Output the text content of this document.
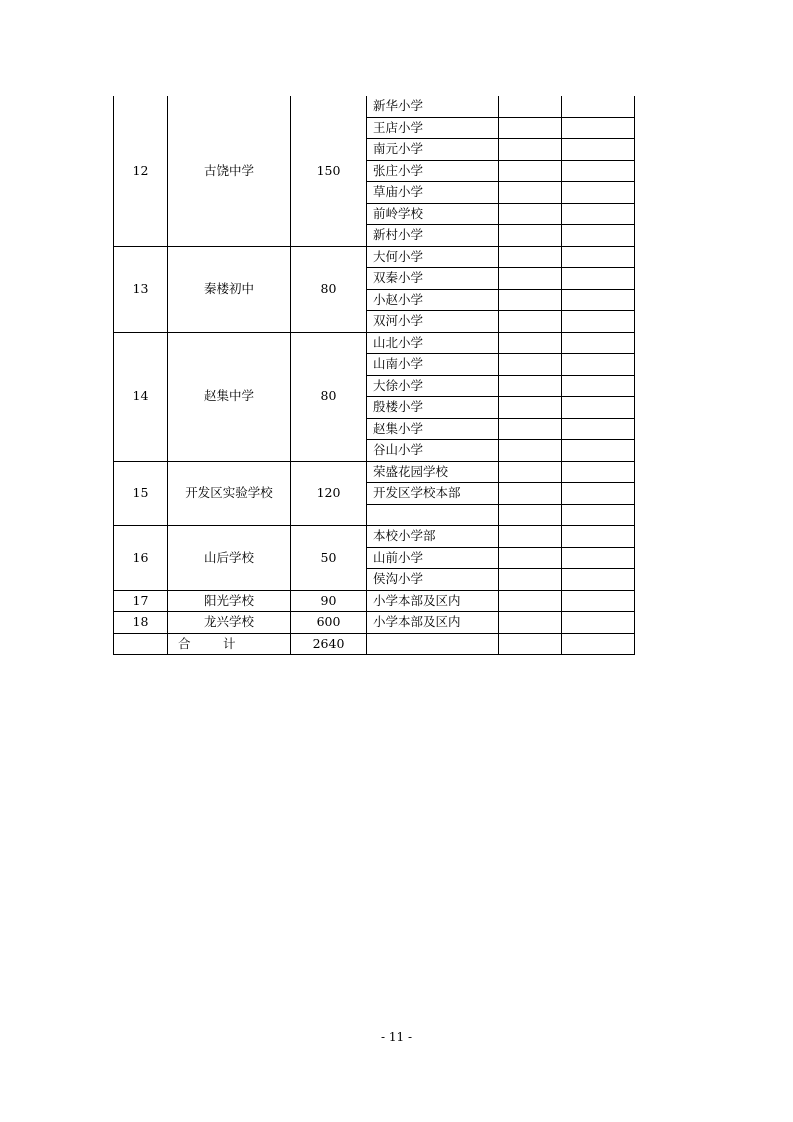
12	古饶中学	150	新华小学		
			王店小学		
			南元小学		
			张庄小学		
			草庙小学		
			前岭学校		
			新村小学		
13	秦楼初中	80	大何小学		
			双秦小学		
			小赵小学		
			双河小学		
14	赵集中学	80	山北小学		
			山南小学		
			大徐小学		
			殷楼小学		
			赵集小学		
			谷山小学		
15	开发区实验学校	120	荣盛花园学校		
			开发区学校本部		

16	山后学校	50	本校小学部		
			山前小学		
			侯沟小学		
17	阳光学校	90	小学本部及区内		
18	龙兴学校	600	小学本部及区内		
	合计	2640			
- 11 -
